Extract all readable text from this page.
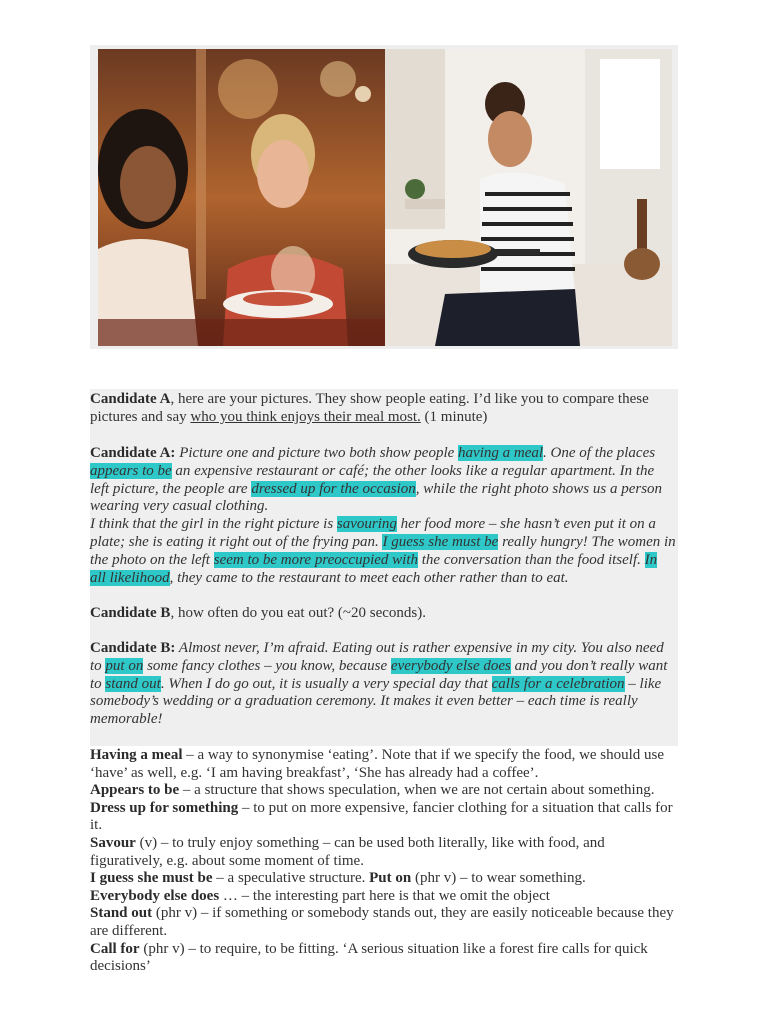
Candidate A, here are your pictures. They show people eating. I’d like you to compare these pictures and say who you think enjoys their meal most. (1 minute)

Candidate A: Picture one and picture two both show people having a meal. One of the places appears to be an expensive restaurant or café; the other looks like a regular apartment. In the left picture, the people are dressed up for the occasion, while the right photo shows us a person wearing very casual clothing.
I think that the girl in the right picture is savouring her food more – she hasn’t even put it on a plate; she is eating it right out of the frying pan. I guess she must be really hungry! The women in the photo on the left seem to be more preoccupied with the conversation than the food itself. In all likelihood, they came to the restaurant to meet each other rather than to eat.

Candidate B, how often do you eat out? (~20 seconds).

Candidate B: Almost never, I’m afraid. Eating out is rather expensive in my city. You also need to put on some fancy clothes – you know, because everybody else does and you don’t really want to stand out. When I do go out, it is usually a very special day that calls for a celebration – like somebody’s wedding or a graduation ceremony. It makes it even better – each time is really memorable!

Having a meal – a way to synonymise ‘eating’. Note that if we specify the food, we should use ‘have’ as well, e.g. ‘I am having breakfast’, ‘She has already had a coffee’.

Appears to be – a structure that shows speculation, when we are not certain about something.

Dress up for something – to put on more expensive, fancier clothing for a situation that calls for it.

Savour (v) – to truly enjoy something – can be used both literally, like with food, and figuratively, e.g. about some moment of time.

I guess she must be – a speculative structure. Put on (phr v) – to wear something.

Everybody else does … – the interesting part here is that we omit the object

Stand out (phr v) – if something or somebody stands out, they are easily noticeable because they are different.

Call for (phr v) – to require, to be fitting. ‘A serious situation like a forest fire calls for quick decisions’
